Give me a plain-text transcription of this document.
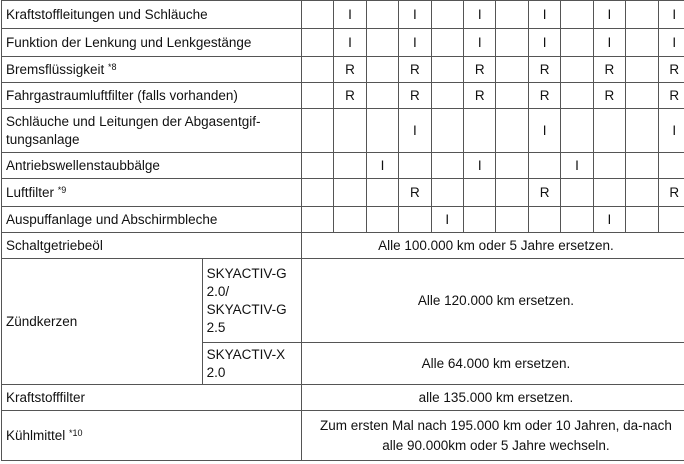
Kraftstoffleitungen und Schläuche			I		I		I		I		I		I
Funktion der Lenkung und Lenkgestänge			I		I		I		I		I		I
Bremsflüssigkeit $^{*8}$			R		R		R		R		R		R
Fahrgastraumluftfilter (falls vorhanden)			R		R		R		R		R		R
Schläuche und Leitungen der Abgasentgif-tungsanlage					I				I				I
Antriebswellenstaubbälge				I			I			I			
Luftfilter $^{*9}$					R				R				R
Auspuffanlage und Abschirmbleche						I					I		
Schaltgetriebeöl		Alle 100.000 km oder 5 Jahre ersetzen.											
Zündkerzen	SKYACTIV-G 2.0/ SKYACTIV-G 2.5	Alle 120.000 km ersetzen.											
	SKYACTIV-X 2.0	Alle 64.000 km ersetzen.											
Kraftstofffilter		alle 135.000 km ersetzen.											
Kühlmittel $^{*10}$		Zum ersten Mal nach 195.000 km oder 10 Jahren, da-nach alle 90.000km oder 5 Jahre wechseln.											
